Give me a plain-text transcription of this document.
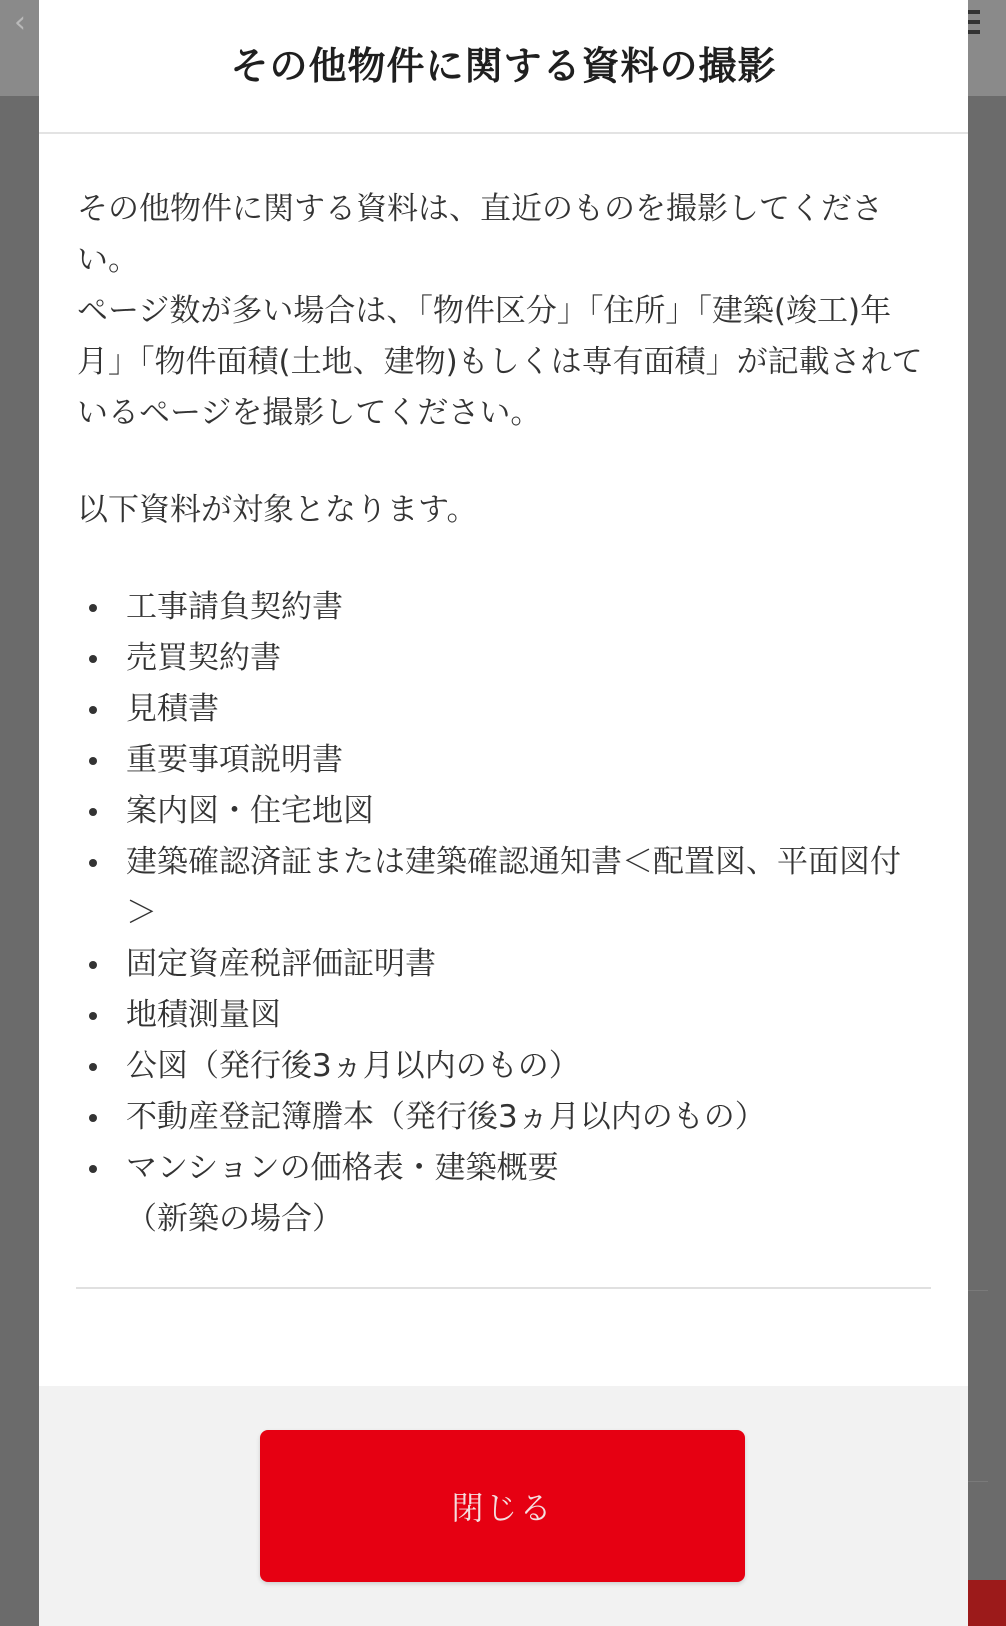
‹
その他物件に関する資料の撮影

その他物件に関する資料は、直近のものを撮影してください。

ページ数が多い場合は、「物件区分」「住所」「建築(竣工)年月」「物件面積(土地、建物)もしくは専有面積」が記載されているページを撮影してください。

以下資料が対象となります。
工事請負契約書
売買契約書
見積書
重要事項説明書
案内図・住宅地図
建築確認済証または建築確認通知書＜配置図、平面図付＞
固定資産税評価証明書
地積測量図
公図（発行後3ヵ月以内のもの）
不動産登記簿謄本（発行後3ヵ月以内のもの）
マンションの価格表・建築概要
（新築の場合）
閉じる
